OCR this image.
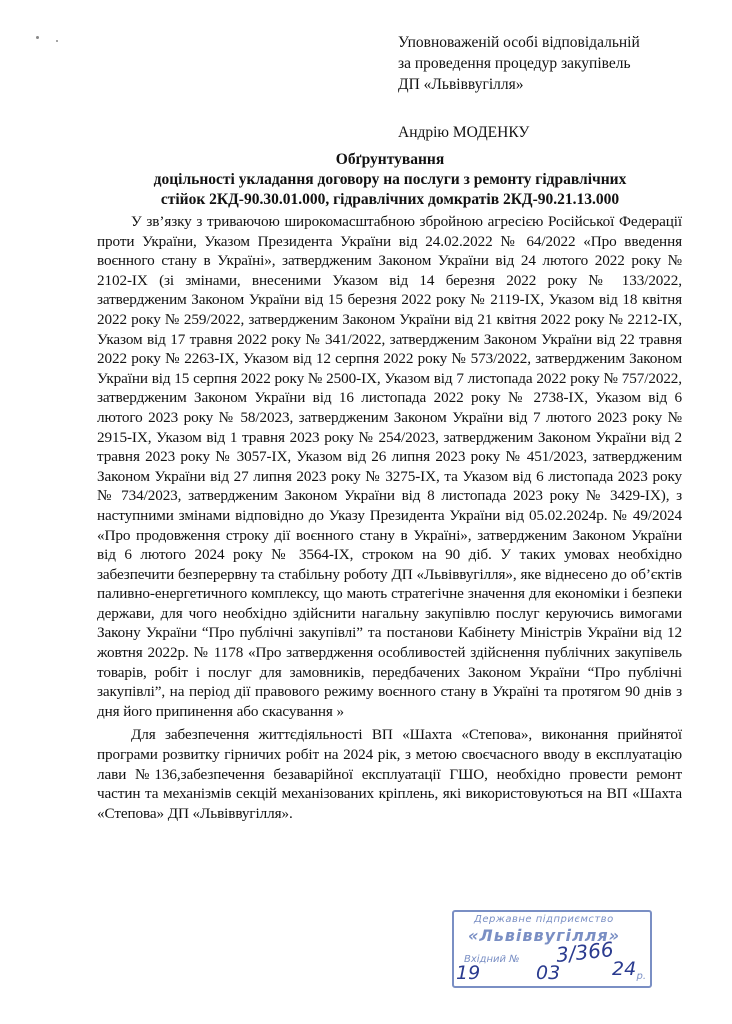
Уповноваженій особі відповідальній
за проведення процедур закупівель
ДП «Львіввугілля»
Андрію МОДЕНКУ
Обґрунтування
доцільності укладання договору на послуги з ремонту гідравлічних
стійок 2КД-90.30.01.000, гідравлічних домкратів 2КД-90.21.13.000

У зв’язку з триваючою широкомасштабною збройною агресією Російської Федерації проти України, Указом Президента України від 24.02.2022 № 64/2022 «Про введення воєнного стану в Україні», затвердженим Законом України від 24 лютого 2022 року № 2102-ІХ (зі змінами, внесеними Указом від 14 березня 2022 року № 133/2022, затвердженим Законом України від 15 березня 2022 року № 2119-ІХ, Указом від 18 квітня 2022 року № 259/2022, затвердженим Законом України від 21 квітня 2022 року № 2212-ІХ, Указом від 17 травня 2022 року № 341/2022, затвердженим Законом України від 22 травня 2022 року № 2263-ІХ, Указом від 12 серпня 2022 року № 573/2022, затвердженим Законом України від 15 серпня 2022 року № 2500-ІХ, Указом від 7 листопада 2022 року № 757/2022, затвердженим Законом України від 16 листопада 2022 року № 2738-ІХ, Указом від 6 лютого 2023 року № 58/2023, затвердженим Законом України від 7 лютого 2023 року № 2915-ІХ, Указом від 1 травня 2023 року № 254/2023, затвердженим Законом України від 2 травня 2023 року № 3057-ІХ, Указом від 26 липня 2023 року № 451/2023, затвердженим Законом України від 27 липня 2023 року № 3275-ІХ, та Указом від 6 листопада 2023 року № 734/2023, затвердженим Законом України від 8 листопада 2023 року № 3429-ІХ), з наступними змінами відповідно до Указу Президента України від 05.02.2024р. № 49/2024 «Про продовження строку дії воєнного стану в Україні», затвердженим Законом України від 6 лютого 2024 року № 3564-ІХ, строком на 90 діб. У таких умовах необхідно забезпечити безперервну та стабільну роботу ДП «Львіввугілля», яке віднесено до об’єктів паливно-енергетичного комплексу, що мають стратегічне значення для економіки і безпеки держави, для чого необхідно здійснити нагальну закупівлю послуг керуючись вимогами Закону України “Про публічні закупівлі” та постанови Кабінету Міністрів України від 12 жовтня 2022р. № 1178 «Про затвердження особливостей здійснення публічних закупівель товарів, робіт і послуг для замовників, передбачених Законом України “Про публічні закупівлі”, на період дії правового режиму воєнного стану в Україні та протягом 90 днів з дня його припинення або скасування »

Для забезпечення життєдіяльності ВП «Шахта «Степова», виконання прийнятої програми розвитку гірничих робіт на 2024 рік, з метою своєчасного вводу в експлуатацію лави №136,забезпечення безаварійної експлуатації ГШО, необхідно провести ремонт частин та механізмів секцій механізованих кріплень, які використовуються на ВП «Шахта «Степова» ДП «Львіввугілля».

Державне підприємство
«Львіввугілля»
Вхідний №
р.
3/366
19	03	24
